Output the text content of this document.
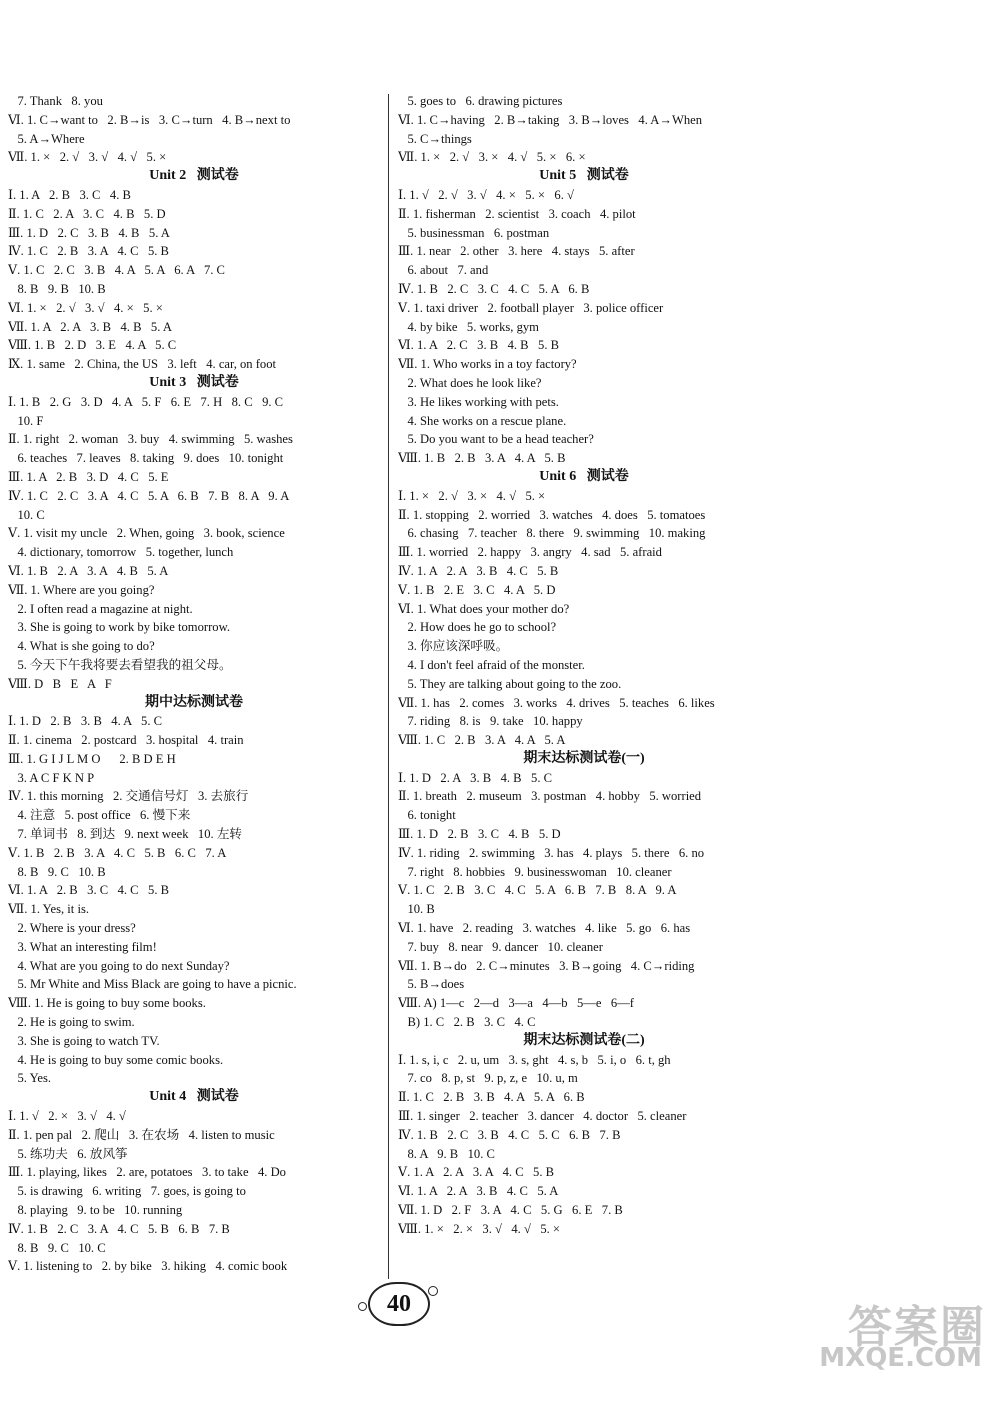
7. Thank   8. you
Ⅵ. 1. C→want to   2. B→is   3. C→turn   4. B→next to
5. A→Where
Ⅶ. 1. ×   2. √   3. √   4. √   5. ×
Unit 2   测试卷
Ⅰ. 1. A   2. B   3. C   4. B
Ⅱ. 1. C   2. A   3. C   4. B   5. D
Ⅲ. 1. D   2. C   3. B   4. B   5. A
Ⅳ. 1. C   2. B   3. A   4. C   5. B
Ⅴ. 1. C   2. C   3. B   4. A   5. A   6. A   7. C
8. B   9. B   10. B
Ⅵ. 1. ×   2. √   3. √   4. ×   5. ×
Ⅶ. 1. A   2. A   3. B   4. B   5. A
Ⅷ. 1. B   2. D   3. E   4. A   5. C
Ⅸ. 1. same   2. China, the US   3. left   4. car, on foot
Unit 3   测试卷
Ⅰ. 1. B   2. G   3. D   4. A   5. F   6. E   7. H   8. C   9. C
10. F
Ⅱ. 1. right   2. woman   3. buy   4. swimming   5. washes
6. teaches   7. leaves   8. taking   9. does   10. tonight
Ⅲ. 1. A   2. B   3. D   4. C   5. E
Ⅳ. 1. C   2. C   3. A   4. C   5. A   6. B   7. B   8. A   9. A
10. C
Ⅴ. 1. visit my uncle   2. When, going   3. book, science
4. dictionary, tomorrow   5. together, lunch
Ⅵ. 1. B   2. A   3. A   4. B   5. A
Ⅶ. 1. Where are you going?
2. I often read a magazine at night.
3. She is going to work by bike tomorrow.
4. What is she going to do?
5. 今天下午我将要去看望我的祖父母。
Ⅷ. D   B   E   A   F
期中达标测试卷
Ⅰ. 1. D   2. B   3. B   4. A   5. C
Ⅱ. 1. cinema   2. postcard   3. hospital   4. train
Ⅲ. 1. G I J L M O      2. B D E H
3. A C F K N P
Ⅳ. 1. this morning   2. 交通信号灯   3. 去旅行
4. 注意   5. post office   6. 慢下来
7. 单词书   8. 到达   9. next week   10. 左转
Ⅴ. 1. B   2. B   3. A   4. C   5. B   6. C   7. A
8. B   9. C   10. B
Ⅵ. 1. A   2. B   3. C   4. C   5. B
Ⅶ. 1. Yes, it is.
2. Where is your dress?
3. What an interesting film!
4. What are you going to do next Sunday?
5. Mr White and Miss Black are going to have a picnic.
Ⅷ. 1. He is going to buy some books.
2. He is going to swim.
3. She is going to watch TV.
4. He is going to buy some comic books.
5. Yes.
Unit 4   测试卷
Ⅰ. 1. √   2. ×   3. √   4. √
Ⅱ. 1. pen pal   2. 爬山   3. 在农场   4. listen to music
5. 练功夫   6. 放风筝
Ⅲ. 1. playing, likes   2. are, potatoes   3. to take   4. Do
5. is drawing   6. writing   7. goes, is going to
8. playing   9. to be   10. running
Ⅳ. 1. B   2. C   3. A   4. C   5. B   6. B   7. B
8. B   9. C   10. C
Ⅴ. 1. listening to   2. by bike   3. hiking   4. comic book
5. goes to   6. drawing pictures
Ⅵ. 1. C→having   2. B→taking   3. B→loves   4. A→When
5. C→things
Ⅶ. 1. ×   2. √   3. ×   4. √   5. ×   6. ×
Unit 5   测试卷
Ⅰ. 1. √   2. √   3. √   4. ×   5. ×   6. √
Ⅱ. 1. fisherman   2. scientist   3. coach   4. pilot
5. businessman   6. postman
Ⅲ. 1. near   2. other   3. here   4. stays   5. after
6. about   7. and
Ⅳ. 1. B   2. C   3. C   4. C   5. A   6. B
Ⅴ. 1. taxi driver   2. football player   3. police officer
4. by bike   5. works, gym
Ⅵ. 1. A   2. C   3. B   4. B   5. B
Ⅶ. 1. Who works in a toy factory?
2. What does he look like?
3. He likes working with pets.
4. She works on a rescue plane.
5. Do you want to be a head teacher?
Ⅷ. 1. B   2. B   3. A   4. A   5. B
Unit 6   测试卷
Ⅰ. 1. ×   2. √   3. ×   4. √   5. ×
Ⅱ. 1. stopping   2. worried   3. watches   4. does   5. tomatoes
6. chasing   7. teacher   8. there   9. swimming   10. making
Ⅲ. 1. worried   2. happy   3. angry   4. sad   5. afraid
Ⅳ. 1. A   2. A   3. B   4. C   5. B
Ⅴ. 1. B   2. E   3. C   4. A   5. D
Ⅵ. 1. What does your mother do?
2. How does he go to school?
3. 你应该深呼吸。
4. I don't feel afraid of the monster.
5. They are talking about going to the zoo.
Ⅶ. 1. has   2. comes   3. works   4. drives   5. teaches   6. likes
7. riding   8. is   9. take   10. happy
Ⅷ. 1. C   2. B   3. A   4. A   5. A
期末达标测试卷(一)
Ⅰ. 1. D   2. A   3. B   4. B   5. C
Ⅱ. 1. breath   2. museum   3. postman   4. hobby   5. worried
6. tonight
Ⅲ. 1. D   2. B   3. C   4. B   5. D
Ⅳ. 1. riding   2. swimming   3. has   4. plays   5. there   6. no
7. right   8. hobbies   9. businesswoman   10. cleaner
Ⅴ. 1. C   2. B   3. C   4. C   5. A   6. B   7. B   8. A   9. A
10. B
Ⅵ. 1. have   2. reading   3. watches   4. like   5. go   6. has
7. buy   8. near   9. dancer   10. cleaner
Ⅶ. 1. B→do   2. C→minutes   3. B→going   4. C→riding
5. B→does
Ⅷ. A) 1—c   2—d   3—a   4—b   5—e   6—f
B) 1. C   2. B   3. C   4. C
期末达标测试卷(二)
Ⅰ. 1. s, i, c   2. u, um   3. s, ght   4. s, b   5. i, o   6. t, gh
7. co   8. p, st   9. p, z, e   10. u, m
Ⅱ. 1. C   2. B   3. B   4. A   5. A   6. B
Ⅲ. 1. singer   2. teacher   3. dancer   4. doctor   5. cleaner
Ⅳ. 1. B   2. C   3. B   4. C   5. C   6. B   7. B
8. A   9. B   10. C
Ⅴ. 1. A   2. A   3. A   4. C   5. B
Ⅵ. 1. A   2. A   3. B   4. C   5. A
Ⅶ. 1. D   2. F   3. A   4. C   5. G   6. E   7. B
Ⅷ. 1. ×   2. ×   3. √   4. √   5. ×
40	答案圈
MXQE.COM
